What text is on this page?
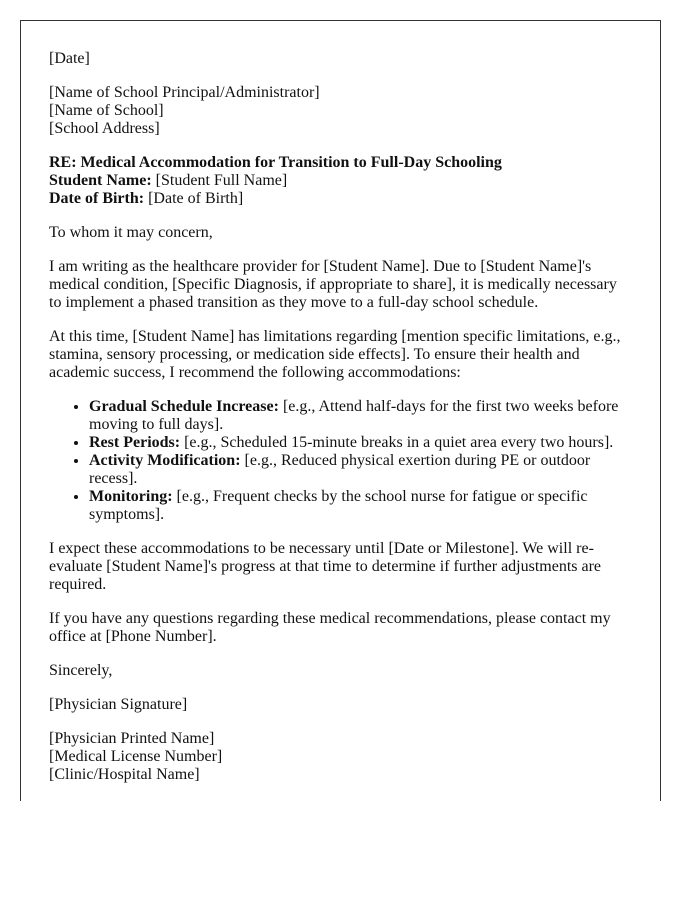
[Date]

[Name of School Principal/Administrator]

[Name of School]

[School Address]

RE: Medical Accommodation for Transition to Full-Day Schooling

Student Name: [Student Full Name]

Date of Birth: [Date of Birth]

To whom it may concern,

I am writing as the healthcare provider for [Student Name]. Due to [Student Name]'s medical condition, [Specific Diagnosis, if appropriate to share], it is medically necessary to implement a phased transition as they move to a full-day school schedule.

At this time, [Student Name] has limitations regarding [mention specific limitations, e.g., stamina, sensory processing, or medication side effects]. To ensure their health and academic success, I recommend the following accommodations:

• Gradual Schedule Increase: [e.g., Attend half-days for the first two weeks before moving to full days].
• Rest Periods: [e.g., Scheduled 15-minute breaks in a quiet area every two hours].
• Activity Modification: [e.g., Reduced physical exertion during PE or outdoor recess].
• Monitoring: [e.g., Frequent checks by the school nurse for fatigue or specific symptoms].

I expect these accommodations to be necessary until [Date or Milestone]. We will re-evaluate [Student Name]'s progress at that time to determine if further adjustments are required.

If you have any questions regarding these medical recommendations, please contact my office at [Phone Number].

Sincerely,

[Physician Signature]

[Physician Printed Name]

[Medical License Number]

[Clinic/Hospital Name]
